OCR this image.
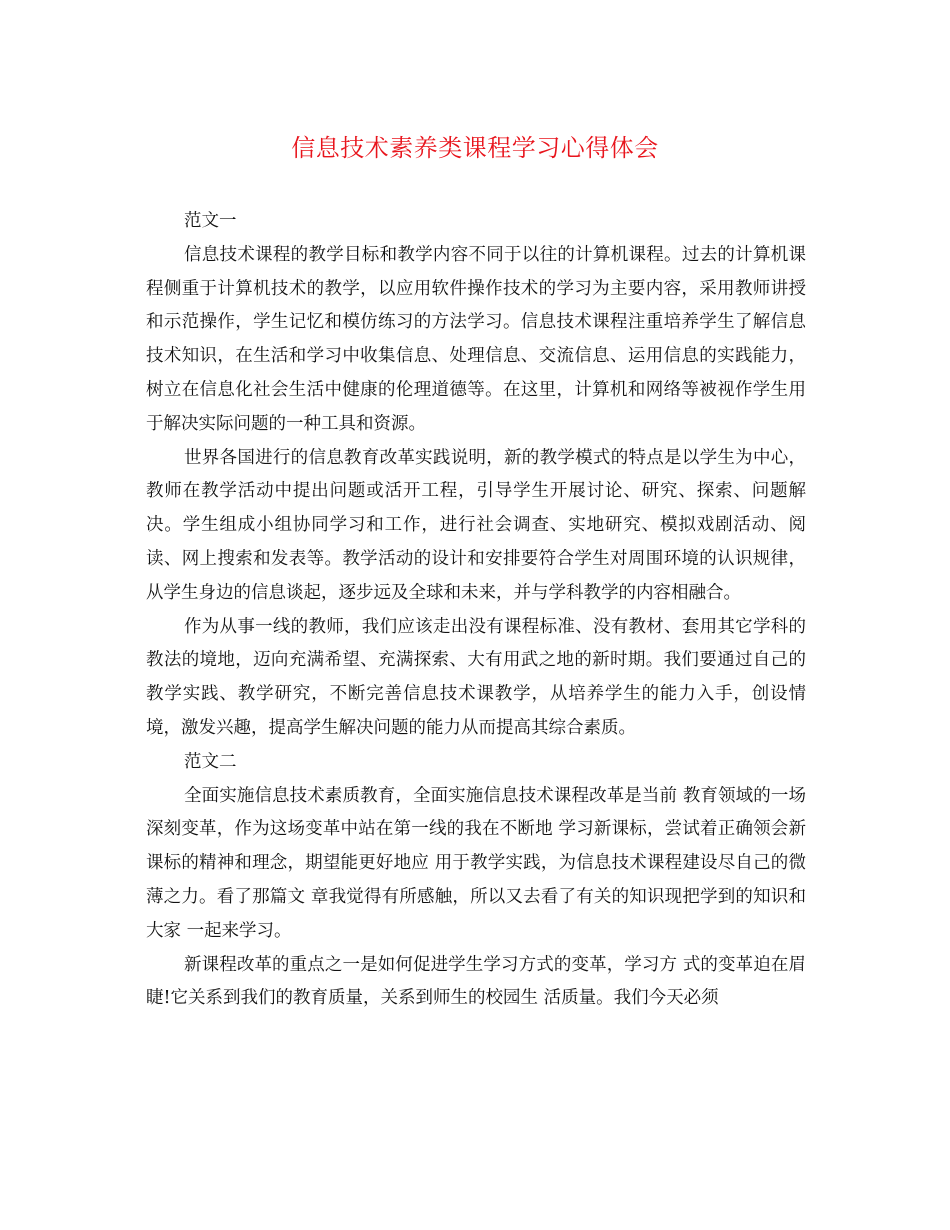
信息技术素养类课程学习心得体会

范文一

信息技术课程的教学目标和教学内容不同于以往的计算机课程。过去的计算机课程侧重于计算机技术的教学，以应用软件操作技术的学习为主要内容，采用教师讲授和示范操作，学生记忆和模仿练习的方法学习。信息技术课程注重培养学生了解信息技术知识，在生活和学习中收集信息、处理信息、交流信息、运用信息的实践能力，树立在信息化社会生活中健康的伦理道德等。在这里，计算机和网络等被视作学生用于解决实际问题的一种工具和资源。

世界各国进行的信息教育改革实践说明，新的教学模式的特点是以学生为中心，教师在教学活动中提出问题或活开工程，引导学生开展讨论、研究、探索、问题解决。学生组成小组协同学习和工作，进行社会调查、实地研究、模拟戏剧活动、阅读、网上搜索和发表等。教学活动的设计和安排要符合学生对周围环境的认识规律，从学生身边的信息谈起，逐步远及全球和未来，并与学科教学的内容相融合。

作为从事一线的教师，我们应该走出没有课程标准、没有教材、套用其它学科的教法的境地，迈向充满希望、充满探索、大有用武之地的新时期。我们要通过自己的教学实践、教学研究，不断完善信息技术课教学，从培养学生的能力入手，创设情境，激发兴趣，提高学生解决问题的能力从而提高其综合素质。

范文二

全面实施信息技术素质教育，全面实施信息技术课程改革是当前 教育领域的一场深刻变革，作为这场变革中站在第一线的我在不断地 学习新课标，尝试着正确领会新课标的精神和理念，期望能更好地应 用于教学实践，为信息技术课程建设尽自己的微薄之力。看了那篇文 章我觉得有所感触，所以又去看了有关的知识现把学到的知识和大家 一起来学习。

新课程改革的重点之一是如何促进学生学习方式的变革，学习方 式的变革迫在眉睫!它关系到我们的教育质量，关系到师生的校园生 活质量。我们今天必须
